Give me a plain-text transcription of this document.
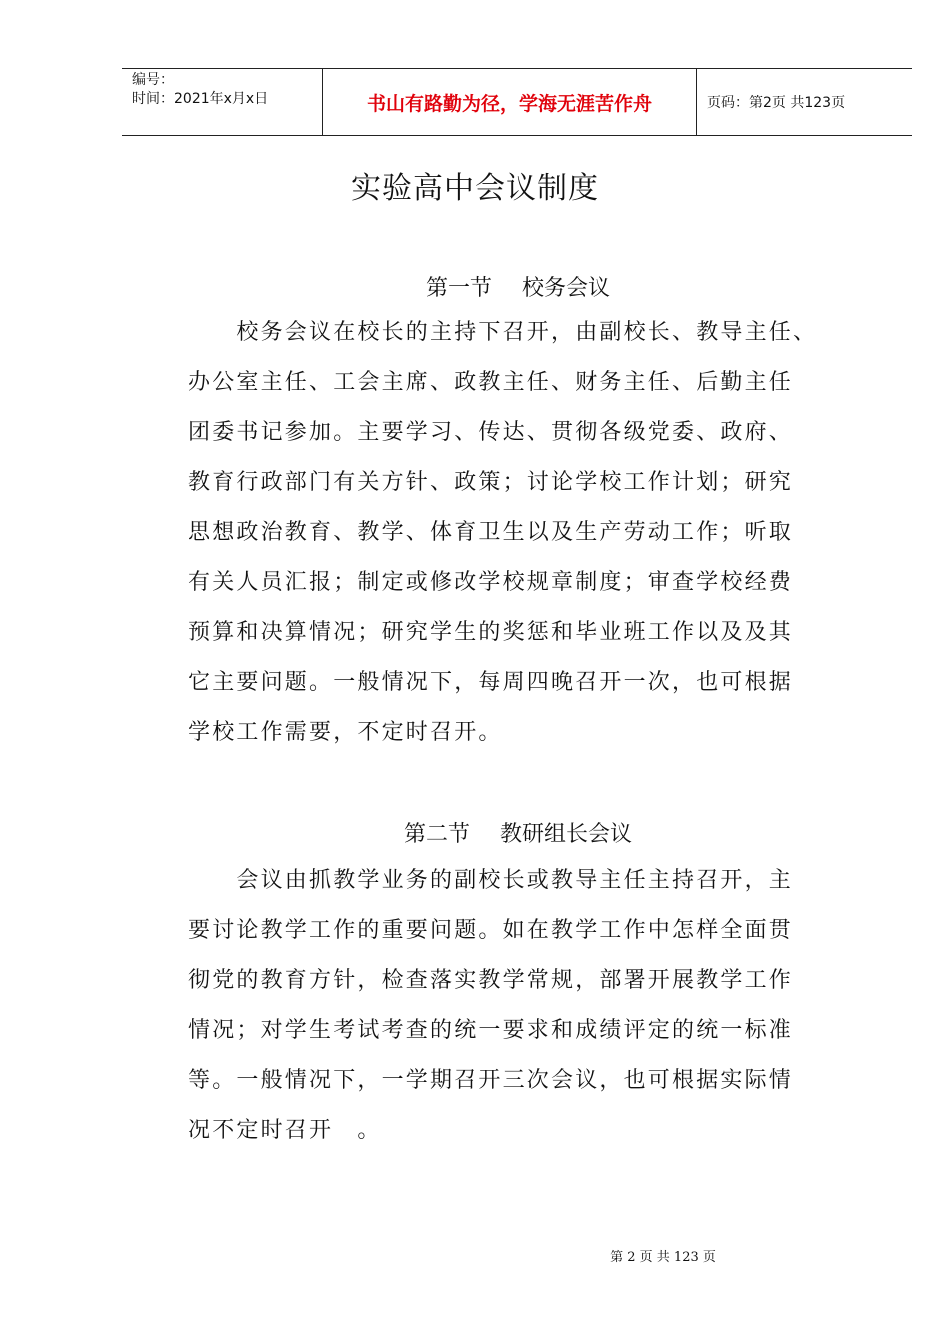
编号：
时间：2021年x月x日	书山有路勤为径，学海无涯苦作舟	页码：第2页 共123页
实验高中会议制度
第一节 校务会议
　　校务会议在校长的主持下召开，由副校长、教导主任、
办公室主任、工会主席、政教主任、财务主任、后勤主任
团委书记参加。主要学习、传达、贯彻各级党委、政府、
教育行政部门有关方针、政策；讨论学校工作计划；研究
思想政治教育、教学、体育卫生以及生产劳动工作；听取
有关人员汇报；制定或修改学校规章制度；审查学校经费
预算和决算情况；研究学生的奖惩和毕业班工作以及及其
它主要问题。一般情况下，每周四晚召开一次，也可根据
学校工作需要，不定时召开。
第二节 教研组长会议
　　会议由抓教学业务的副校长或教导主任主持召开，主
要讨论教学工作的重要问题。如在教学工作中怎样全面贯
彻党的教育方针，检查落实教学常规，部署开展教学工作
情况；对学生考试考查的统一要求和成绩评定的统一标准
等。一般情况下，一学期召开三次会议，也可根据实际情
况不定时召开　。
第 2 页 共 123 页
